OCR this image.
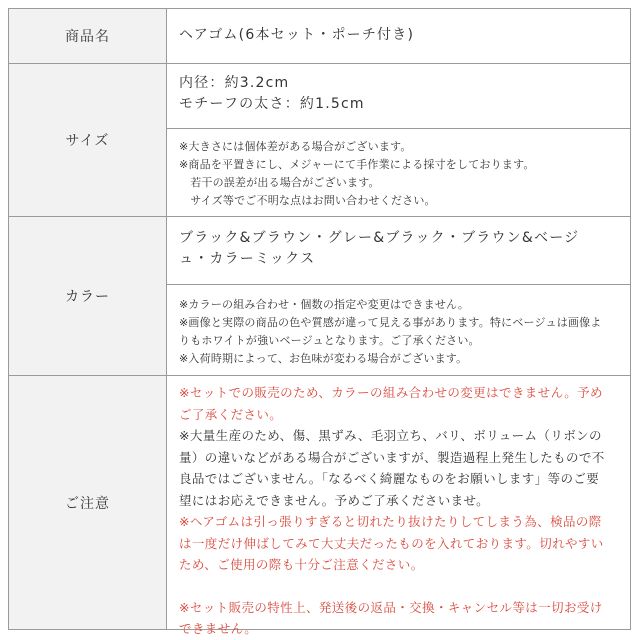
商品名	ヘアゴム(6本セット・ポーチ付き)
サイズ

内径：約3.2cm

モチーフの太さ：約1.5cm

※大きさには個体差がある場合がございます。

※商品を平置きにし、メジャーにて手作業による採寸をしております。

　若干の誤差が出る場合がございます。

　サイズ等でご不明な点はお問い合わせください。

カラー

ブラック&ブラウン・グレー&ブラック・ブラウン&ベージ

ュ・カラーミックス

※カラーの組み合わせ・個数の指定や変更はできません。

※画像と実際の商品の色や質感が違って見える事があります。特にベージュは画像よ

りもホワイトが強いベージュとなります。ご了承ください。

※入荷時期によって、お色味が変わる場合がございます。

ご注意

※セットでの販売のため、カラーの組み合わせの変更はできません。予め

ご了承ください。

※大量生産のため、傷、黒ずみ、毛羽立ち、バリ、ボリューム（リボンの

量）の違いなどがある場合がございますが、製造過程上発生したもので不

良品ではございません。「なるべく綺麗なものをお願いします」等のご要

望にはお応えできません。予めご了承くださいませ。

※ヘアゴムは引っ張りすぎると切れたり抜けたりしてしまう為、検品の際

は一度だけ伸ばしてみて大丈夫だったものを入れております。切れやすい

ため、ご使用の際も十分ご注意ください。

※セット販売の特性上、発送後の返品・交換・キャンセル等は一切お受け

できません。
